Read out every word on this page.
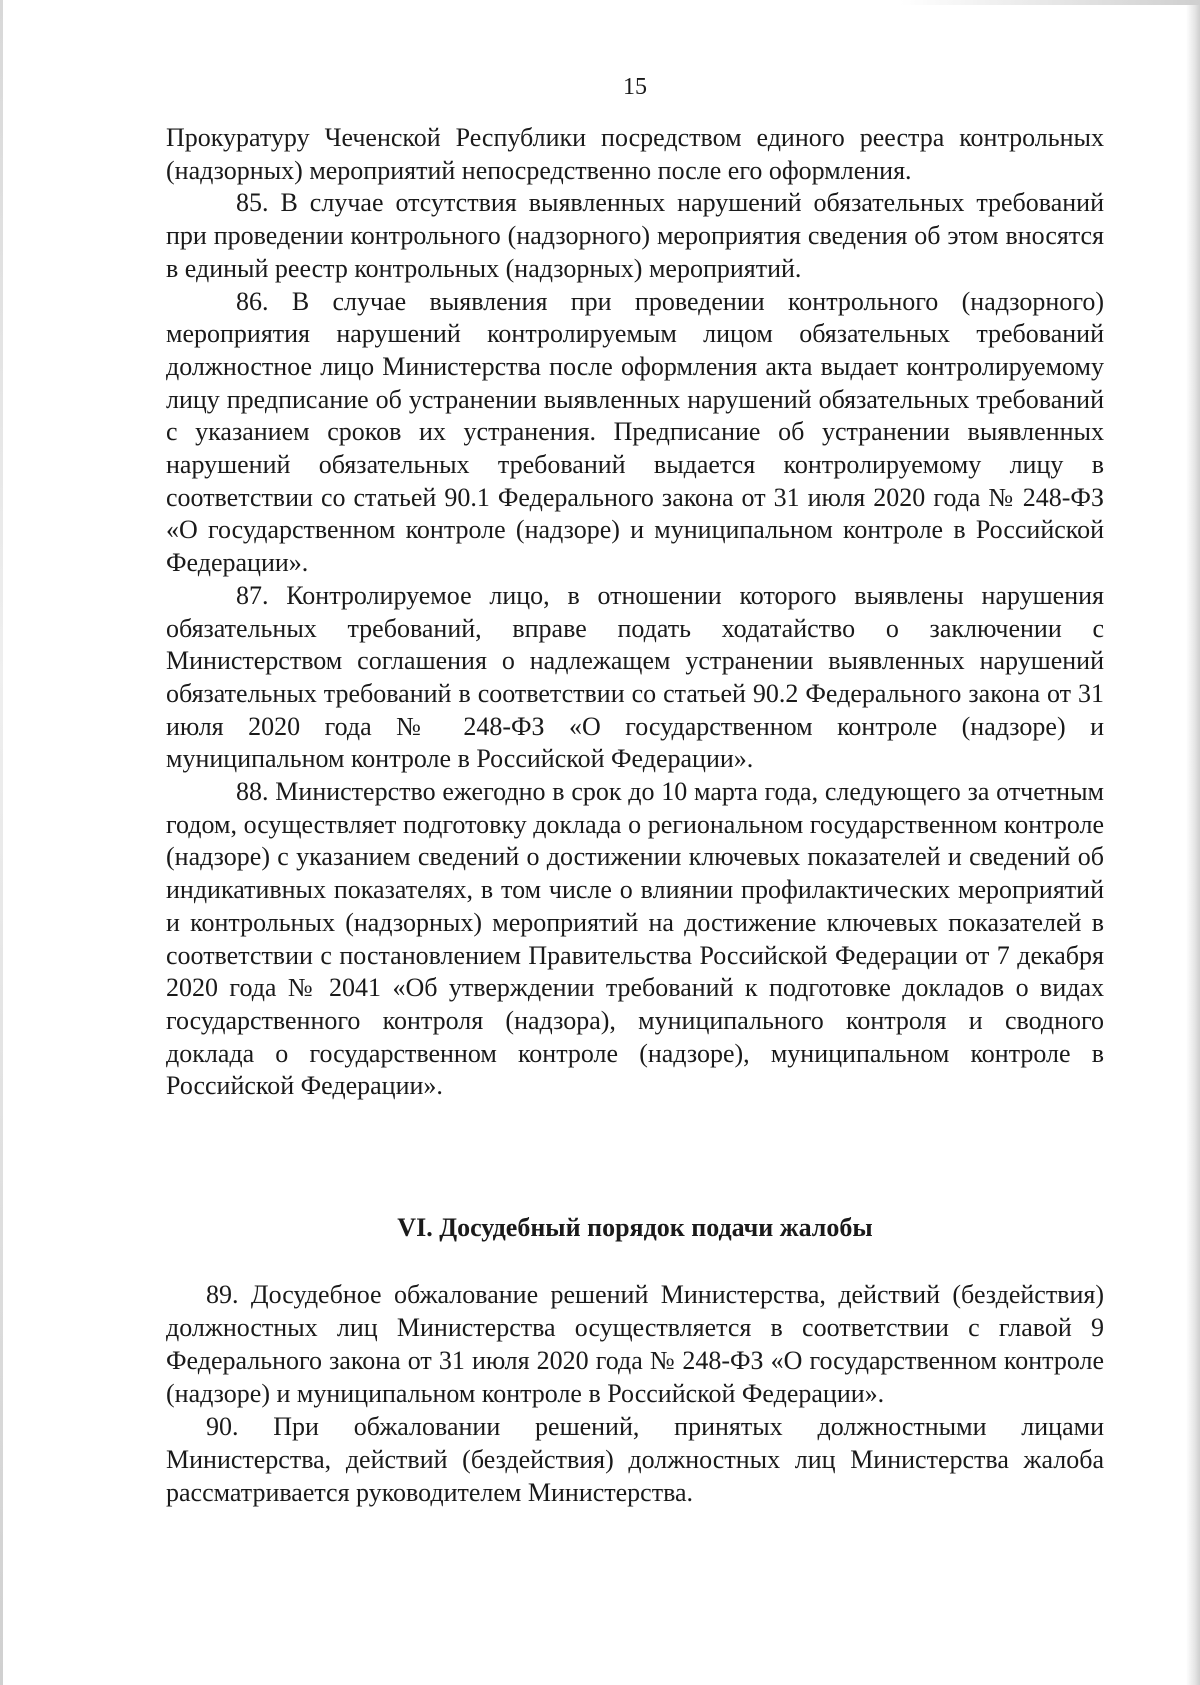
15

Прокуратуру Чеченской Республики посредством единого реестра контрольных (надзорных) мероприятий непосредственно после его оформления.

85. В случае отсутствия выявленных нарушений обязательных требований при проведении контрольного (надзорного) мероприятия сведения об этом вносятся в единый реестр контрольных (надзорных) мероприятий.

86. В случае выявления при проведении контрольного (надзорного) мероприятия нарушений контролируемым лицом обязательных требований должностное лицо Министерства после оформления акта выдает контролируемому лицу предписание об устранении выявленных нарушений обязательных требований с указанием сроков их устранения. Предписание об устранении выявленных нарушений обязательных требований выдается контролируемому лицу в соответствии со статьей 90.1 Федерального закона от 31 июля 2020 года № 248-ФЗ «О государственном контроле (надзоре) и муниципальном контроле в Российской Федерации».

87. Контролируемое лицо, в отношении которого выявлены нарушения обязательных требований, вправе подать ходатайство о заключении с Министерством соглашения о надлежащем устранении выявленных нарушений обязательных требований в соответствии со статьей 90.2 Федерального закона от 31 июля 2020 года № 248-ФЗ «О государственном контроле (надзоре) и муниципальном контроле в Российской Федерации».

88. Министерство ежегодно в срок до 10 марта года, следующего за отчетным годом, осуществляет подготовку доклада о региональном государственном контроле (надзоре) с указанием сведений о достижении ключевых показателей и сведений об индикативных показателях, в том числе о влиянии профилактических мероприятий и контрольных (надзорных) мероприятий на достижение ключевых показателей в соответствии с постановлением Правительства Российской Федерации от 7 декабря 2020 года № 2041 «Об утверждении требований к подготовке докладов о видах государственного контроля (надзора), муниципального контроля и сводного доклада о государственном контроле (надзоре), муниципальном контроле в Российской Федерации».

VI. Досудебный порядок подачи жалобы

89. Досудебное обжалование решений Министерства, действий (бездействия) должностных лиц Министерства осуществляется в соответствии с главой 9 Федерального закона от 31 июля 2020 года № 248-ФЗ «О государственном контроле (надзоре) и муниципальном контроле в Российской Федерации».

90. При обжаловании решений, принятых должностными лицами Министерства, действий (бездействия) должностных лиц Министерства жалоба рассматривается руководителем Министерства.
